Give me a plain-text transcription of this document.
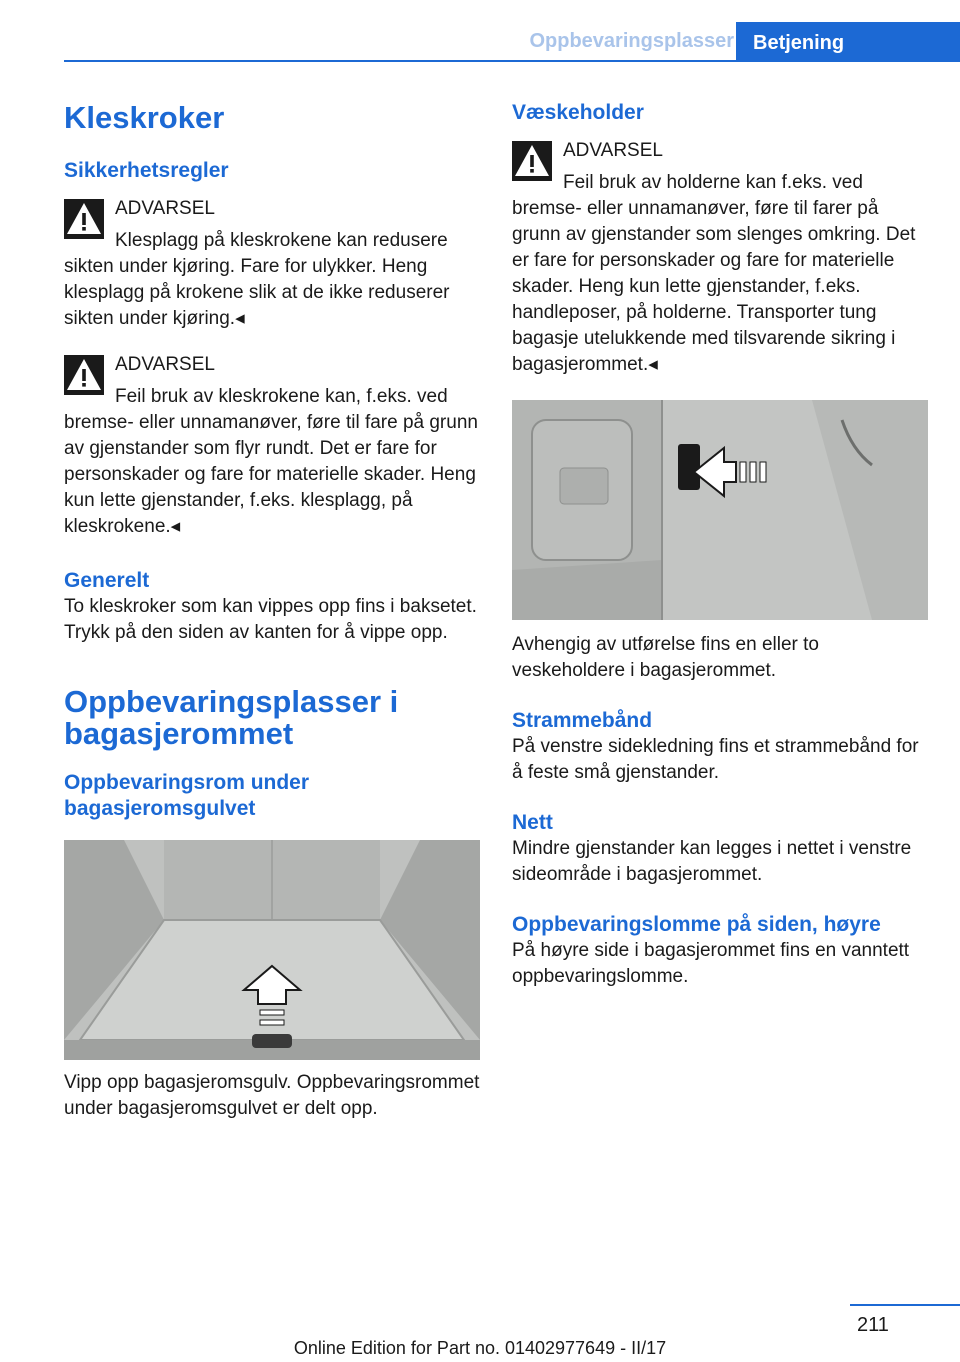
Oppbevaringsplasser Betjening
Kleskroker
Sikkerhetsregler
ADVARSEL

Klesplagg på kleskrokene kan redusere sikten under kjøring. Fare for ulykker. Heng klesplagg på krokene slik at de ikke reduserer sikten under kjøring.◂

ADVARSEL

Feil bruk av kleskrokene kan, f.eks. ved bremse- eller unnamanøver, føre til fare på grunn av gjenstander som flyr rundt. Det er fare for personskader og fare for materielle skader. Heng kun lette gjenstander, f.eks. klesplagg, på kleskrokene.◂

Generelt

To kleskroker som kan vippes opp fins i baksetet. Trykk på den siden av kanten for å vippe opp.

Oppbevaringsplasser i bagasjerommet
Oppbevaringsrom under bagasjeromsgulvet

Vipp opp bagasjeromsgulv. Oppbevaringsrommet under bagasjeromsgulvet er delt opp.

Væskeholder
ADVARSEL

Feil bruk av holderne kan f.eks. ved bremse- eller unnamanøver, føre til farer på grunn av gjenstander som slenges omkring. Det er fare for personskader og fare for materielle skader. Heng kun lette gjenstander, f.eks. handleposer, på holderne. Transporter tung bagasje utelukkende med tilsvarende sikring i bagasjerommet.◂

Avhengig av utførelse fins en eller to veskeholdere i bagasjerommet.

Strammebånd

På venstre sidekledning fins et strammebånd for å feste små gjenstander.

Nett

Mindre gjenstander kan legges i nettet i venstre sideområde i bagasjerommet.

Oppbevaringslomme på siden, høyre

På høyre side i bagasjerommet fins en vanntett oppbevaringslomme.

211
Online Edition for Part no. 01402977649 - II/17
